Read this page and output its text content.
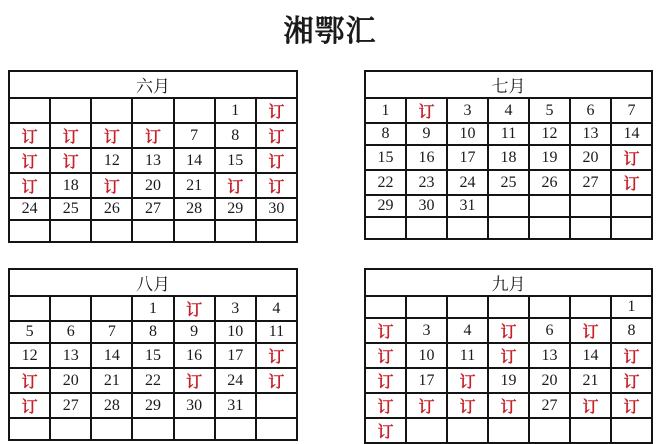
湘鄂汇
六月						
					1	订
订	订	订	订	7	8	订
订	订	12	13	14	15	订
订	18	订	20	21	订	订
24	25	26	27	28	29	30

七月						
1	订	3	4	5	6	7
8	9	10	11	12	13	14
15	16	17	18	19	20	订
22	23	24	25	26	27	订
29	30	31				

八月						
			1	订	3	4
5	6	7	8	9	10	11
12	13	14	15	16	17	订
订	20	21	22	订	24	订
订	27	28	29	30	31	

九月						
						1
订	3	4	订	6	订	8
订	10	11	订	13	14	订
订	17	订	19	20	21	订
订	订	订	订	27	订	订
订						
